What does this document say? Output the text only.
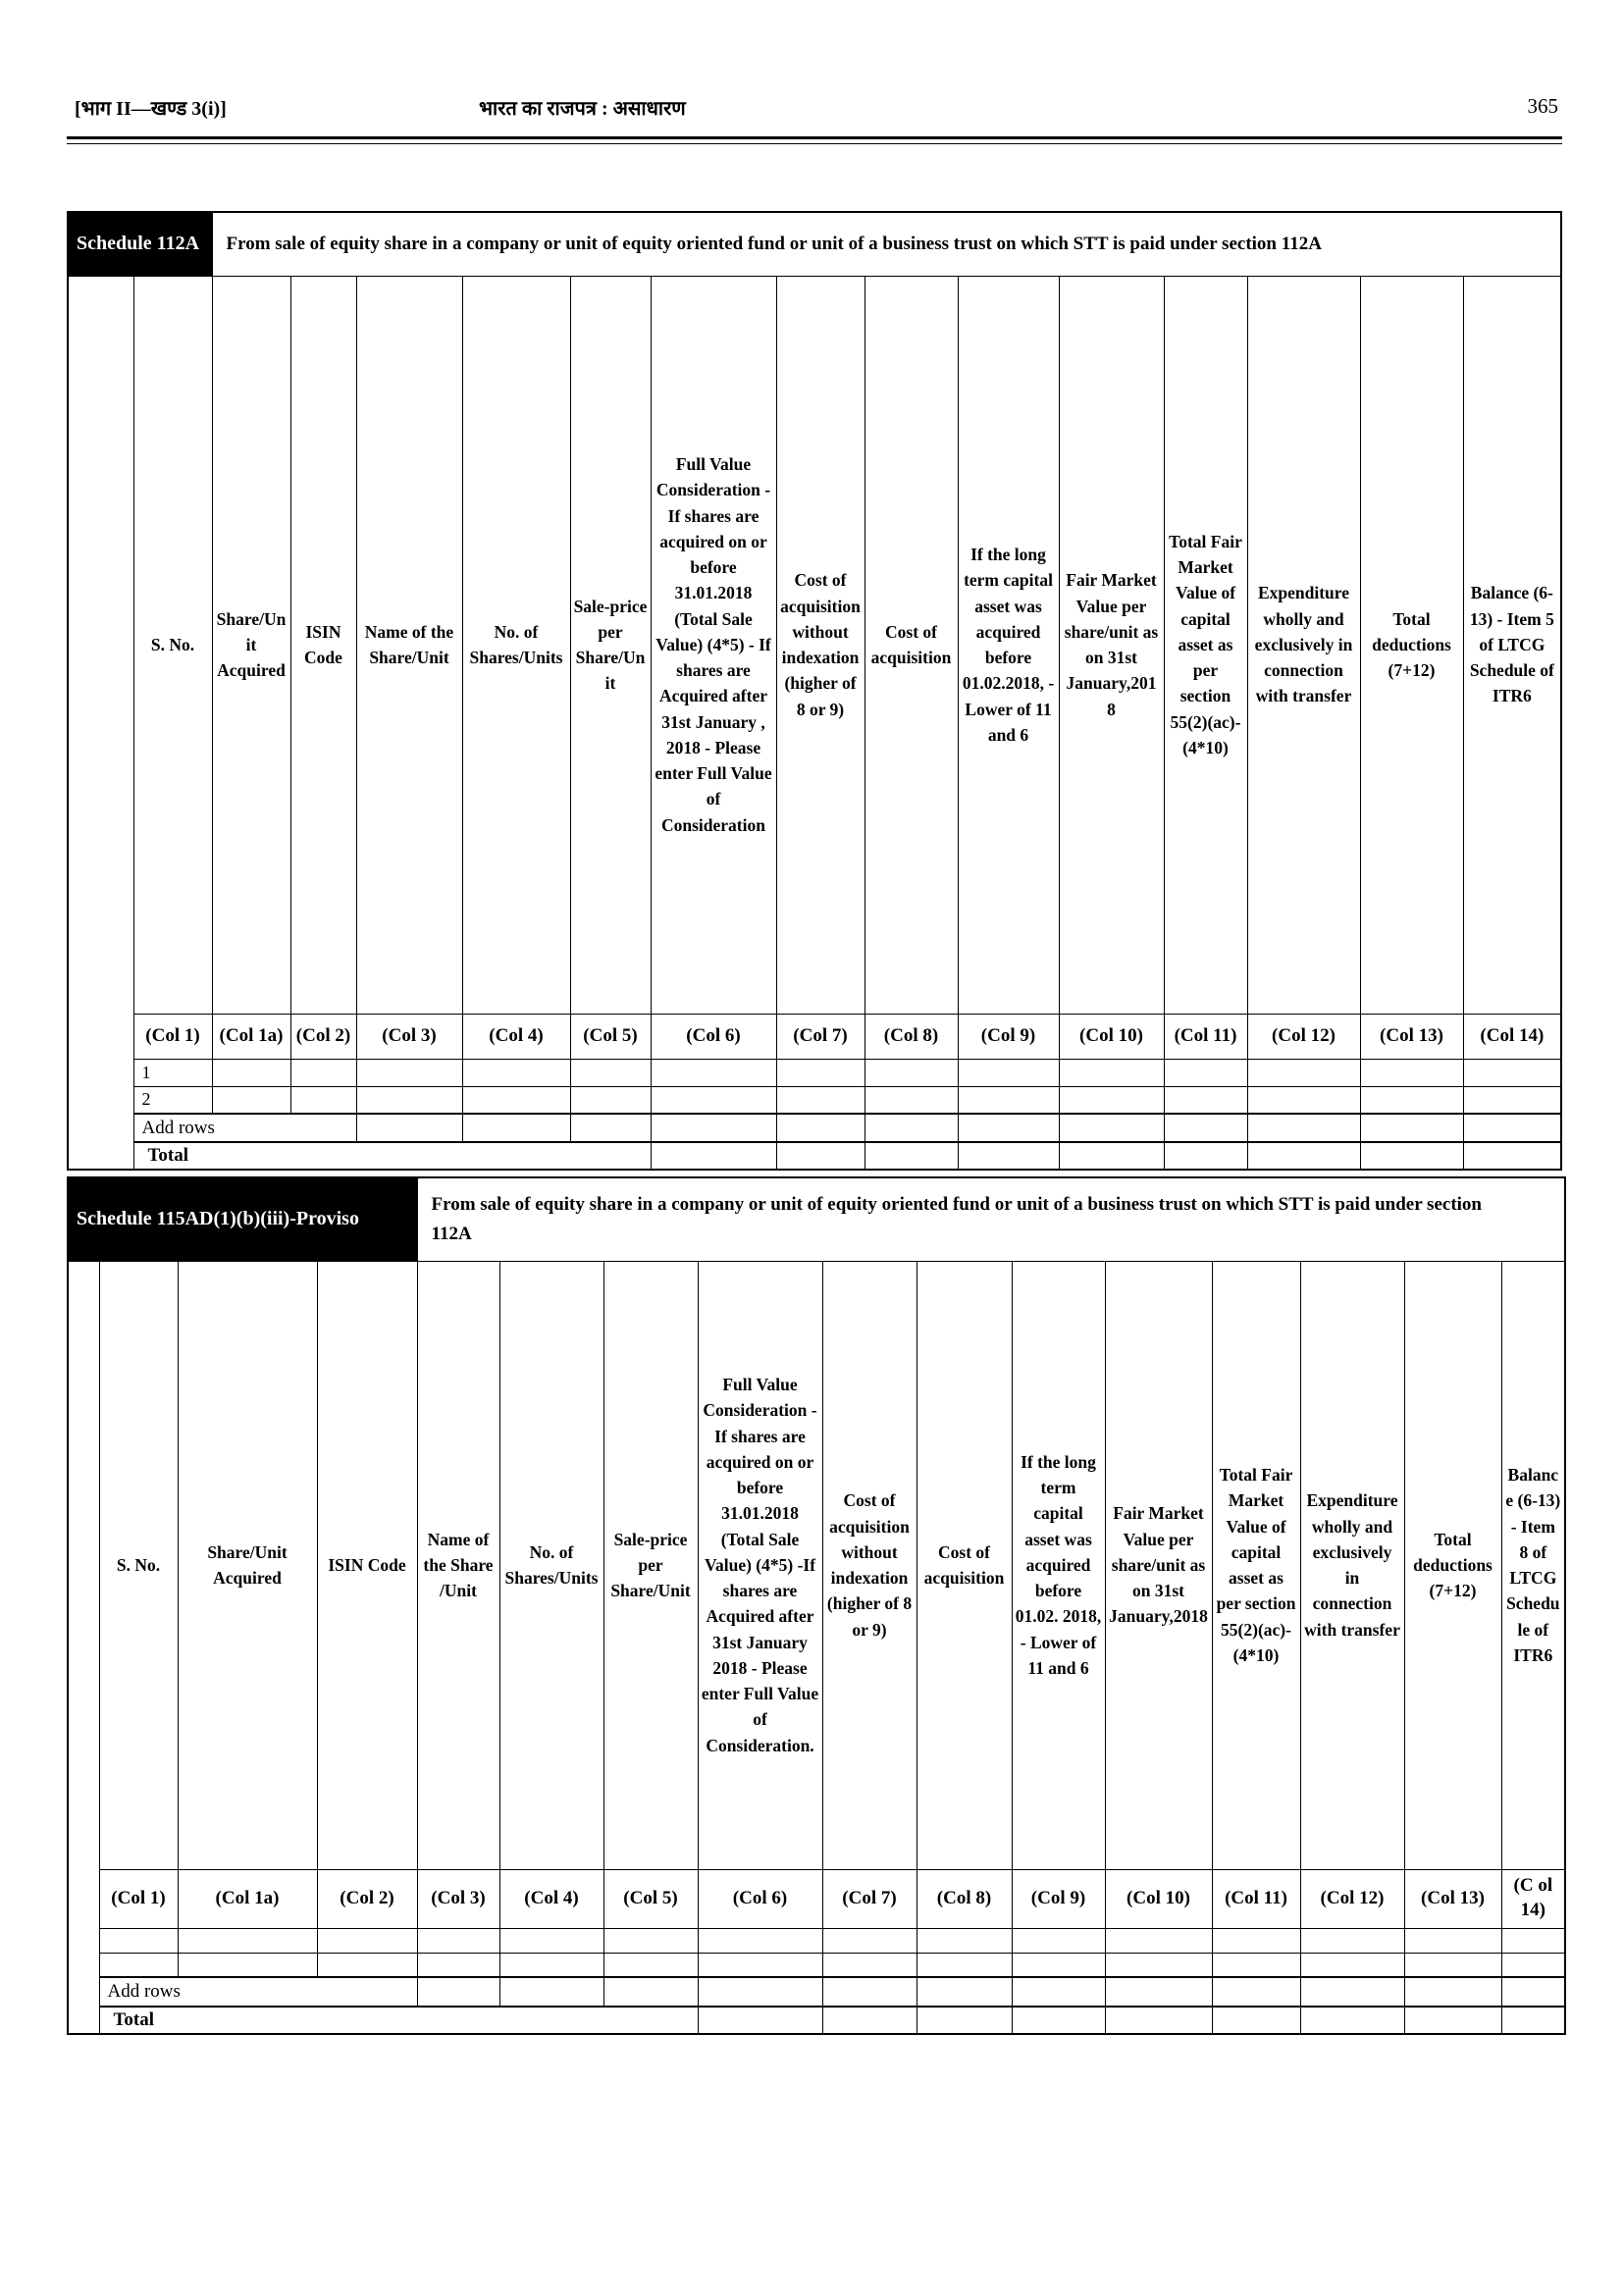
[भाग II—खण्ड 3(i)]	भारत का राजपत्र : असाधारण	365
Schedule 112A		From sale of equity share in a company or unit of equity oriented fund or unit of a business trust on which STT is paid under section 112A													

	S. No.	Share/Unit Acquired	ISIN Code	Name of the Share/Unit	No. of Shares/Units	Sale-price per Share/Unit	Full Value Consideration -If shares are acquired on or before 31.01.2018 (Total Sale Value) (4*5) - If shares are Acquired after 31st January , 2018 - Please enter Full Value of Consideration	Cost of acquisition without indexation (higher of 8 or 9)	Cost of acquisition	If the long term capital asset was acquired before 01.02.2018, - Lower of 11 and 6	Fair Market Value per share/unit as on 31st January,2018	Total Fair Market Value of capital asset as per section 55(2)(ac)- (4*10)	Expenditure wholly and exclusively in connection with transfer	Total deductions (7+12)	Balance (6-13) - Item 5 of LTCG Schedule of ITR6
	(Col 1)	(Col 1a)	(Col 2)	(Col 3)	(Col 4)	(Col 5)	(Col 6)	(Col 7)	(Col 8)	(Col 9)	(Col 10)	(Col 11)	(Col 12)	(Col 13)	(Col 14)
	1														
	2														
	Add rows														
	Total														
Schedule 115AD(1)(b)(iii)-Proviso				From sale of equity share in a company or unit of equity oriented fund or unit of a business trust on which STT is paid under section 112A											

	S. No.	Share/Unit Acquired	ISIN Code	Name of the Share /Unit	No. of Shares/Units	Sale-price per Share/Unit	Full Value Consideration -If shares are acquired on or before 31.01.2018 (Total Sale Value) (4*5) -If shares are Acquired after 31st January 2018 - Please enter Full Value of Consideration.	Cost of acquisition without indexation (higher of 8 or 9)	Cost of acquisition	If the long term capital asset was acquired before 01.02. 2018, - Lower of 11 and 6	Fair Market Value per share/unit as on 31st January,2018	Total Fair Market Value of capital asset as per section 55(2)(ac)- (4*10)	Expenditure wholly and exclusively in connection with transfer	Total deductions (7+12)	Balance (6-13) - Item 8 of LTCG Schedule of ITR6
	(Col 1)	(Col 1a)	(Col 2)	(Col 3)	(Col 4)	(Col 5)	(Col 6)	(Col 7)	(Col 8)	(Col 9)	(Col 10)	(Col 11)	(Col 12)	(Col 13)	(C ol 14)

	Add rows														
	Total														
